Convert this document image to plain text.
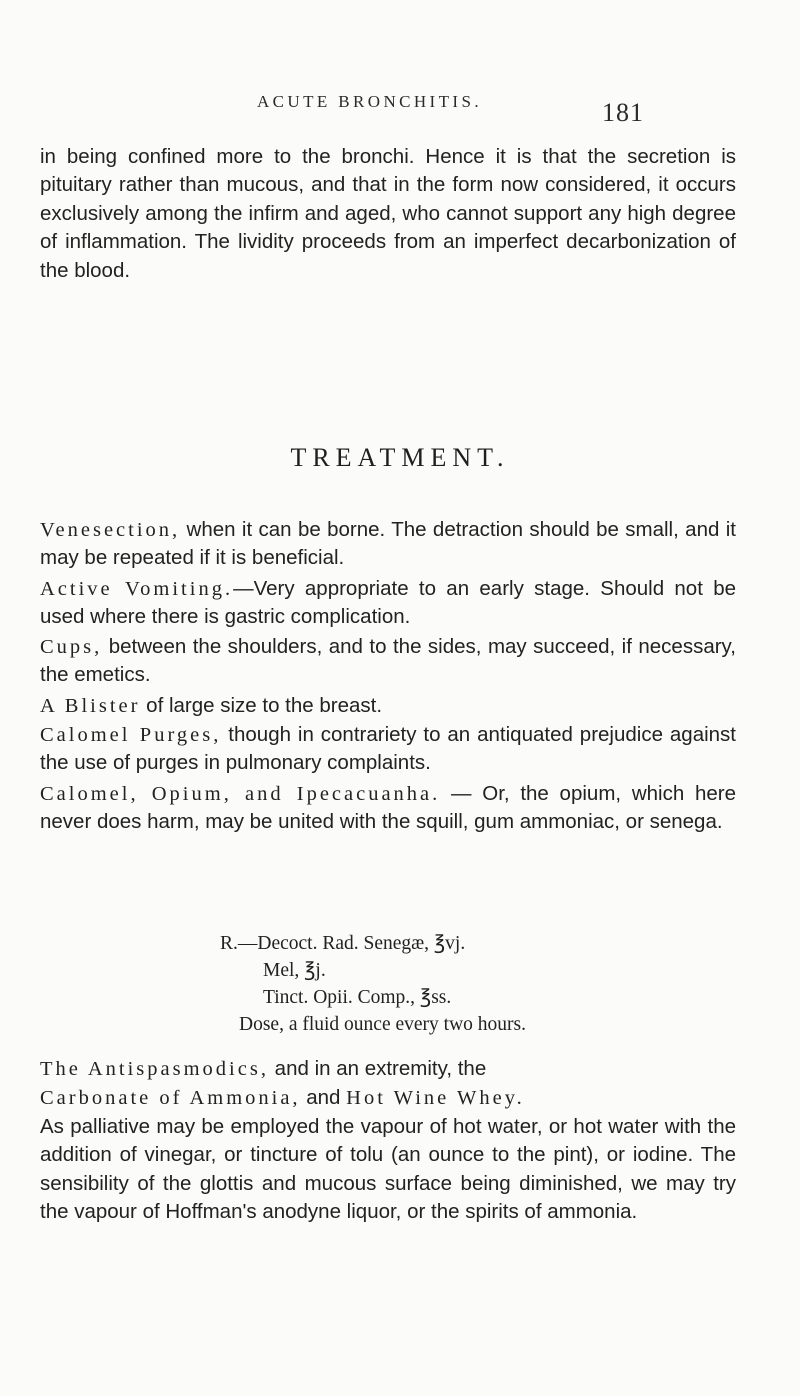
ACUTE BRONCHITIS.	181

in being confined more to the bronchi. Hence it is that the secretion is pituitary rather than mucous, and that in the form now considered, it occurs exclusively among the infirm and aged, who cannot support any high degree of inflammation. The lividity proceeds from an imperfect decarbonization of the blood.

TREATMENT.

Venesection, when it can be borne. The detraction should be small, and it may be repeated if it is beneficial.

Active Vomiting.—Very appropriate to an early stage. Should not be used where there is gastric complication.

Cups, between the shoulders, and to the sides, may succeed, if necessary, the emetics.

A Blister of large size to the breast.

Calomel Purges, though in contrariety to an antiquated prejudice against the use of purges in pulmonary complaints.

Calomel, Opium, and Ipecacuanha. — Or, the opium, which here never does harm, may be united with the squill, gum ammoniac, or senega.

R.—Decoct. Rad. Senegæ, ℥vj.
Mel, ℥j.
Tinct. Opii. Comp., ℥ss.
Dose, a fluid ounce every two hours.

The Antispasmodics, and in an extremity, the

Carbonate of Ammonia, and Hot Wine Whey.

As palliative may be employed the vapour of hot water, or hot water with the addition of vinegar, or tincture of tolu (an ounce to the pint), or iodine. The sensibility of the glottis and mucous surface being diminished, we may try the vapour of Hoffman's anodyne liquor, or the spirits of ammonia.
